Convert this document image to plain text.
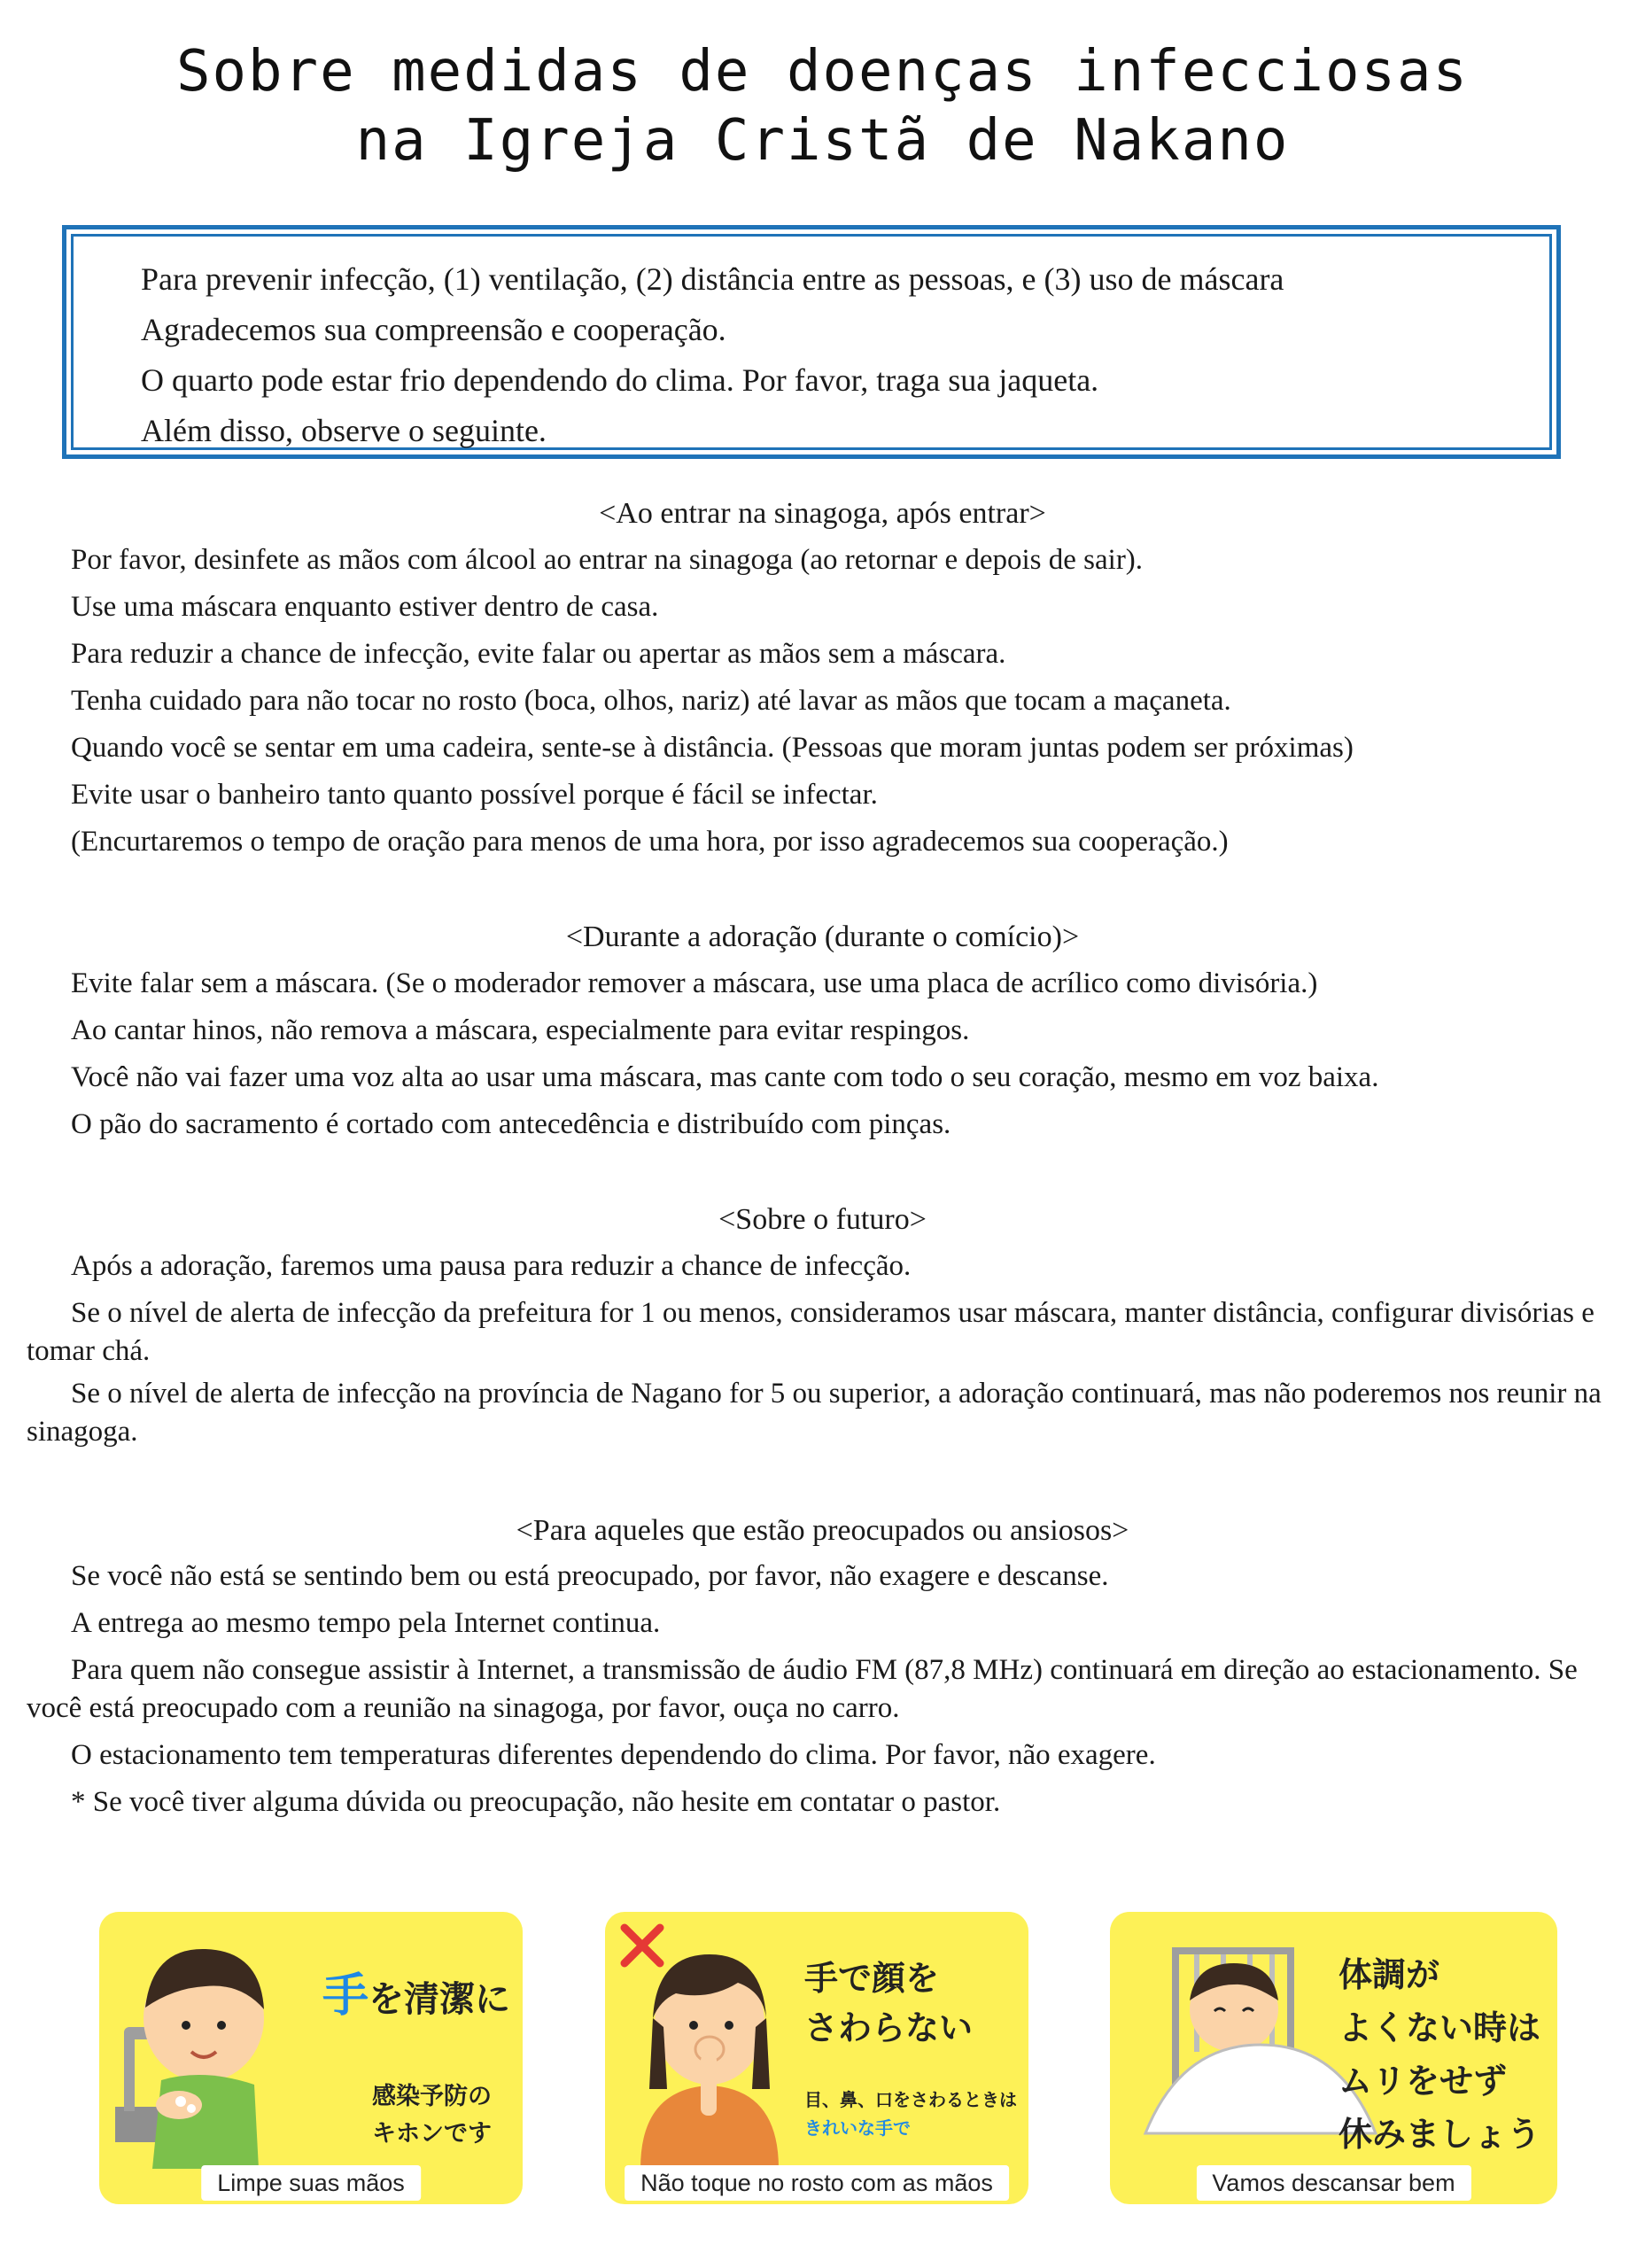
Sobre medidas de doenças infecciosas
na Igreja Cristã de Nakano

Para prevenir infecção, (1) ventilação, (2) distância entre as pessoas, e (3) uso de máscara

Agradecemos sua compreensão e cooperação.

O quarto pode estar frio dependendo do clima. Por favor, traga sua jaqueta.

Além disso, observe o seguinte.

<Ao entrar na sinagoga, após entrar>

Por favor, desinfete as mãos com álcool ao entrar na sinagoga (ao retornar e depois de sair).

Use uma máscara enquanto estiver dentro de casa.

Para reduzir a chance de infecção, evite falar ou apertar as mãos sem a máscara.

Tenha cuidado para não tocar no rosto (boca, olhos, nariz) até lavar as mãos que tocam a maçaneta.

Quando você se sentar em uma cadeira, sente-se à distância. (Pessoas que moram juntas podem ser próximas)

Evite usar o banheiro tanto quanto possível porque é fácil se infectar.

(Encurtaremos o tempo de oração para menos de uma hora, por isso agradecemos sua cooperação.)

<Durante a adoração (durante o comício)>

Evite falar sem a máscara. (Se o moderador remover a máscara, use uma placa de acrílico como divisória.)

Ao cantar hinos, não remova a máscara, especialmente para evitar respingos.

Você não vai fazer uma voz alta ao usar uma máscara, mas cante com todo o seu coração, mesmo em voz baixa.

O pão do sacramento é cortado com antecedência e distribuído com pinças.

<Sobre o futuro>

Após a adoração, faremos uma pausa para reduzir a chance de infecção.

Se o nível de alerta de infecção da prefeitura for 1 ou menos, consideramos usar máscara, manter distância, configurar divisórias e tomar chá.

Se o nível de alerta de infecção na província de Nagano for 5 ou superior, a adoração continuará, mas não poderemos nos reunir na sinagoga.

<Para aqueles que estão preocupados ou ansiosos>

Se você não está se sentindo bem ou está preocupado, por favor, não exagere e descanse.

A entrega ao mesmo tempo pela Internet continua.

Para quem não consegue assistir à Internet, a transmissão de áudio FM (87,8 MHz) continuará em direção ao estacionamento. Se você está preocupado com a reunião na sinagoga, por favor, ouça no carro.

O estacionamento tem temperaturas diferentes dependendo do clima. Por favor, não exagere.

* Se você tiver alguma dúvida ou preocupação, não hesite em contatar o pastor.

手を清潔に
感染予防の
キホンです
Limpe suas mãos
手で顔を
さわらない
目、鼻、口をさわるときは
きれいな手で
Não toque no rosto com as mãos
体調が
よくない時は
ムリをせず
休みましょう
Vamos descansar bem
